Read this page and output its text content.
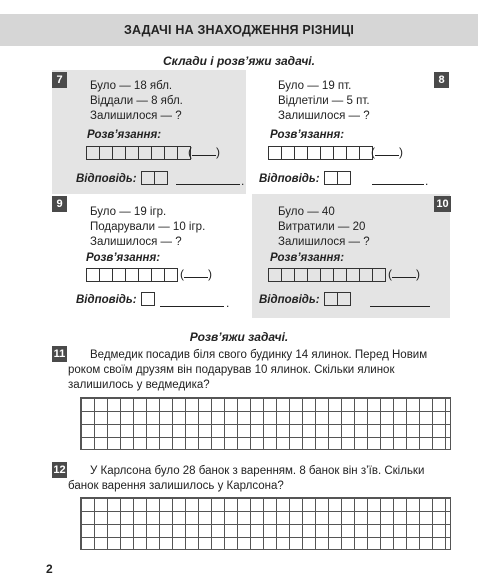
ЗАДАЧІ НА ЗНАХОДЖЕННЯ РІЗНИЦІ
Склади і розв’яжи задачі.
7	Було — 18 ябл.
Віддали — 8 ябл.
Залишилося — ?
Розв’язання:
( )
Відповідь:	.
8
Було — 19 пт.
Відлетіли — 5 пт.
Залишилося — ?
Розв’язання:
( )
Відповідь:	.
9
Було — 19 ігр.
Подарували — 10 ігр.
Залишилося — ?
Розв’язання:
( )
Відповідь:	.
10
Було — 40
Витратили — 20
Залишилося — ?
Розв’язання:
( )
Відповідь:
Розв’яжи задачі.
11	Ведмедик посадив біля свого будинку 14 ялинок. Перед Новим роком своїм друзям він подарував 10 ялинок. Скільки ялинок залишилось у ведмедика?
12	У Карлсона було 28 банок з варенням. 8 банок він з’їв. Скільки банок варення залишилось у Карлсона?
2
